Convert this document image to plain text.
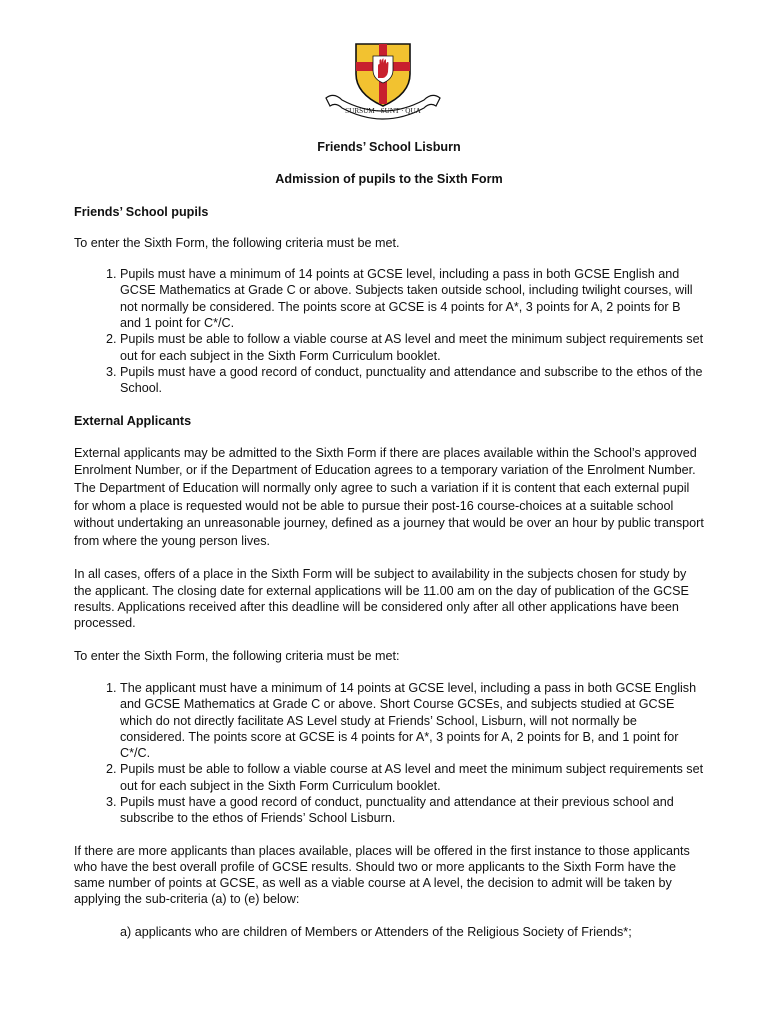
SURSUM · SUNT · QUA

Friends’ School Lisburn

Admission of pupils to the Sixth Form

Friends’ School pupils

To enter the Sixth Form, the following criteria must be met.

1. Pupils must have a minimum of 14 points at GCSE level, including a pass in both GCSE English and GCSE Mathematics at Grade C or above. Subjects taken outside school, including twilight courses, will not normally be considered. The points score at GCSE is 4 points for A*, 3 points for A, 2 points for B and 1 point for C*/C.
2. Pupils must be able to follow a viable course at AS level and meet the minimum subject requirements set out for each subject in the Sixth Form Curriculum booklet.
3. Pupils must have a good record of conduct, punctuality and attendance and subscribe to the ethos of the School.

External Applicants

External applicants may be admitted to the Sixth Form if there are places available within the School’s approved Enrolment Number, or if the Department of Education agrees to a temporary variation of the Enrolment Number. The Department of Education will normally only agree to such a variation if it is content that each external pupil for whom a place is requested would not be able to pursue their post-16 course-choices at a suitable school without undertaking an unreasonable journey, defined as a journey that would be over an hour by public transport from where the young person lives.

In all cases, offers of a place in the Sixth Form will be subject to availability in the subjects chosen for study by the applicant. The closing date for external applications will be 11.00 am on the day of publication of the GCSE results. Applications received after this deadline will be considered only after all other applications have been processed.

To enter the Sixth Form, the following criteria must be met:

1. The applicant must have a minimum of 14 points at GCSE level, including a pass in both GCSE English and GCSE Mathematics at Grade C or above. Short Course GCSEs, and subjects studied at GCSE which do not directly facilitate AS Level study at Friends’ School, Lisburn, will not normally be considered. The points score at GCSE is 4 points for A*, 3 points for A, 2 points for B, and 1 point for C*/C.
2. Pupils must be able to follow a viable course at AS level and meet the minimum subject requirements set out for each subject in the Sixth Form Curriculum booklet.
3. Pupils must have a good record of conduct, punctuality and attendance at their previous school and subscribe to the ethos of Friends’ School Lisburn.

If there are more applicants than places available, places will be offered in the first instance to those applicants who have the best overall profile of GCSE results. Should two or more applicants to the Sixth Form have the same number of points at GCSE, as well as a viable course at A level, the decision to admit will be taken by applying the sub-criteria (a) to (e) below:

a) applicants who are children of Members or Attenders of the Religious Society of Friends*;
